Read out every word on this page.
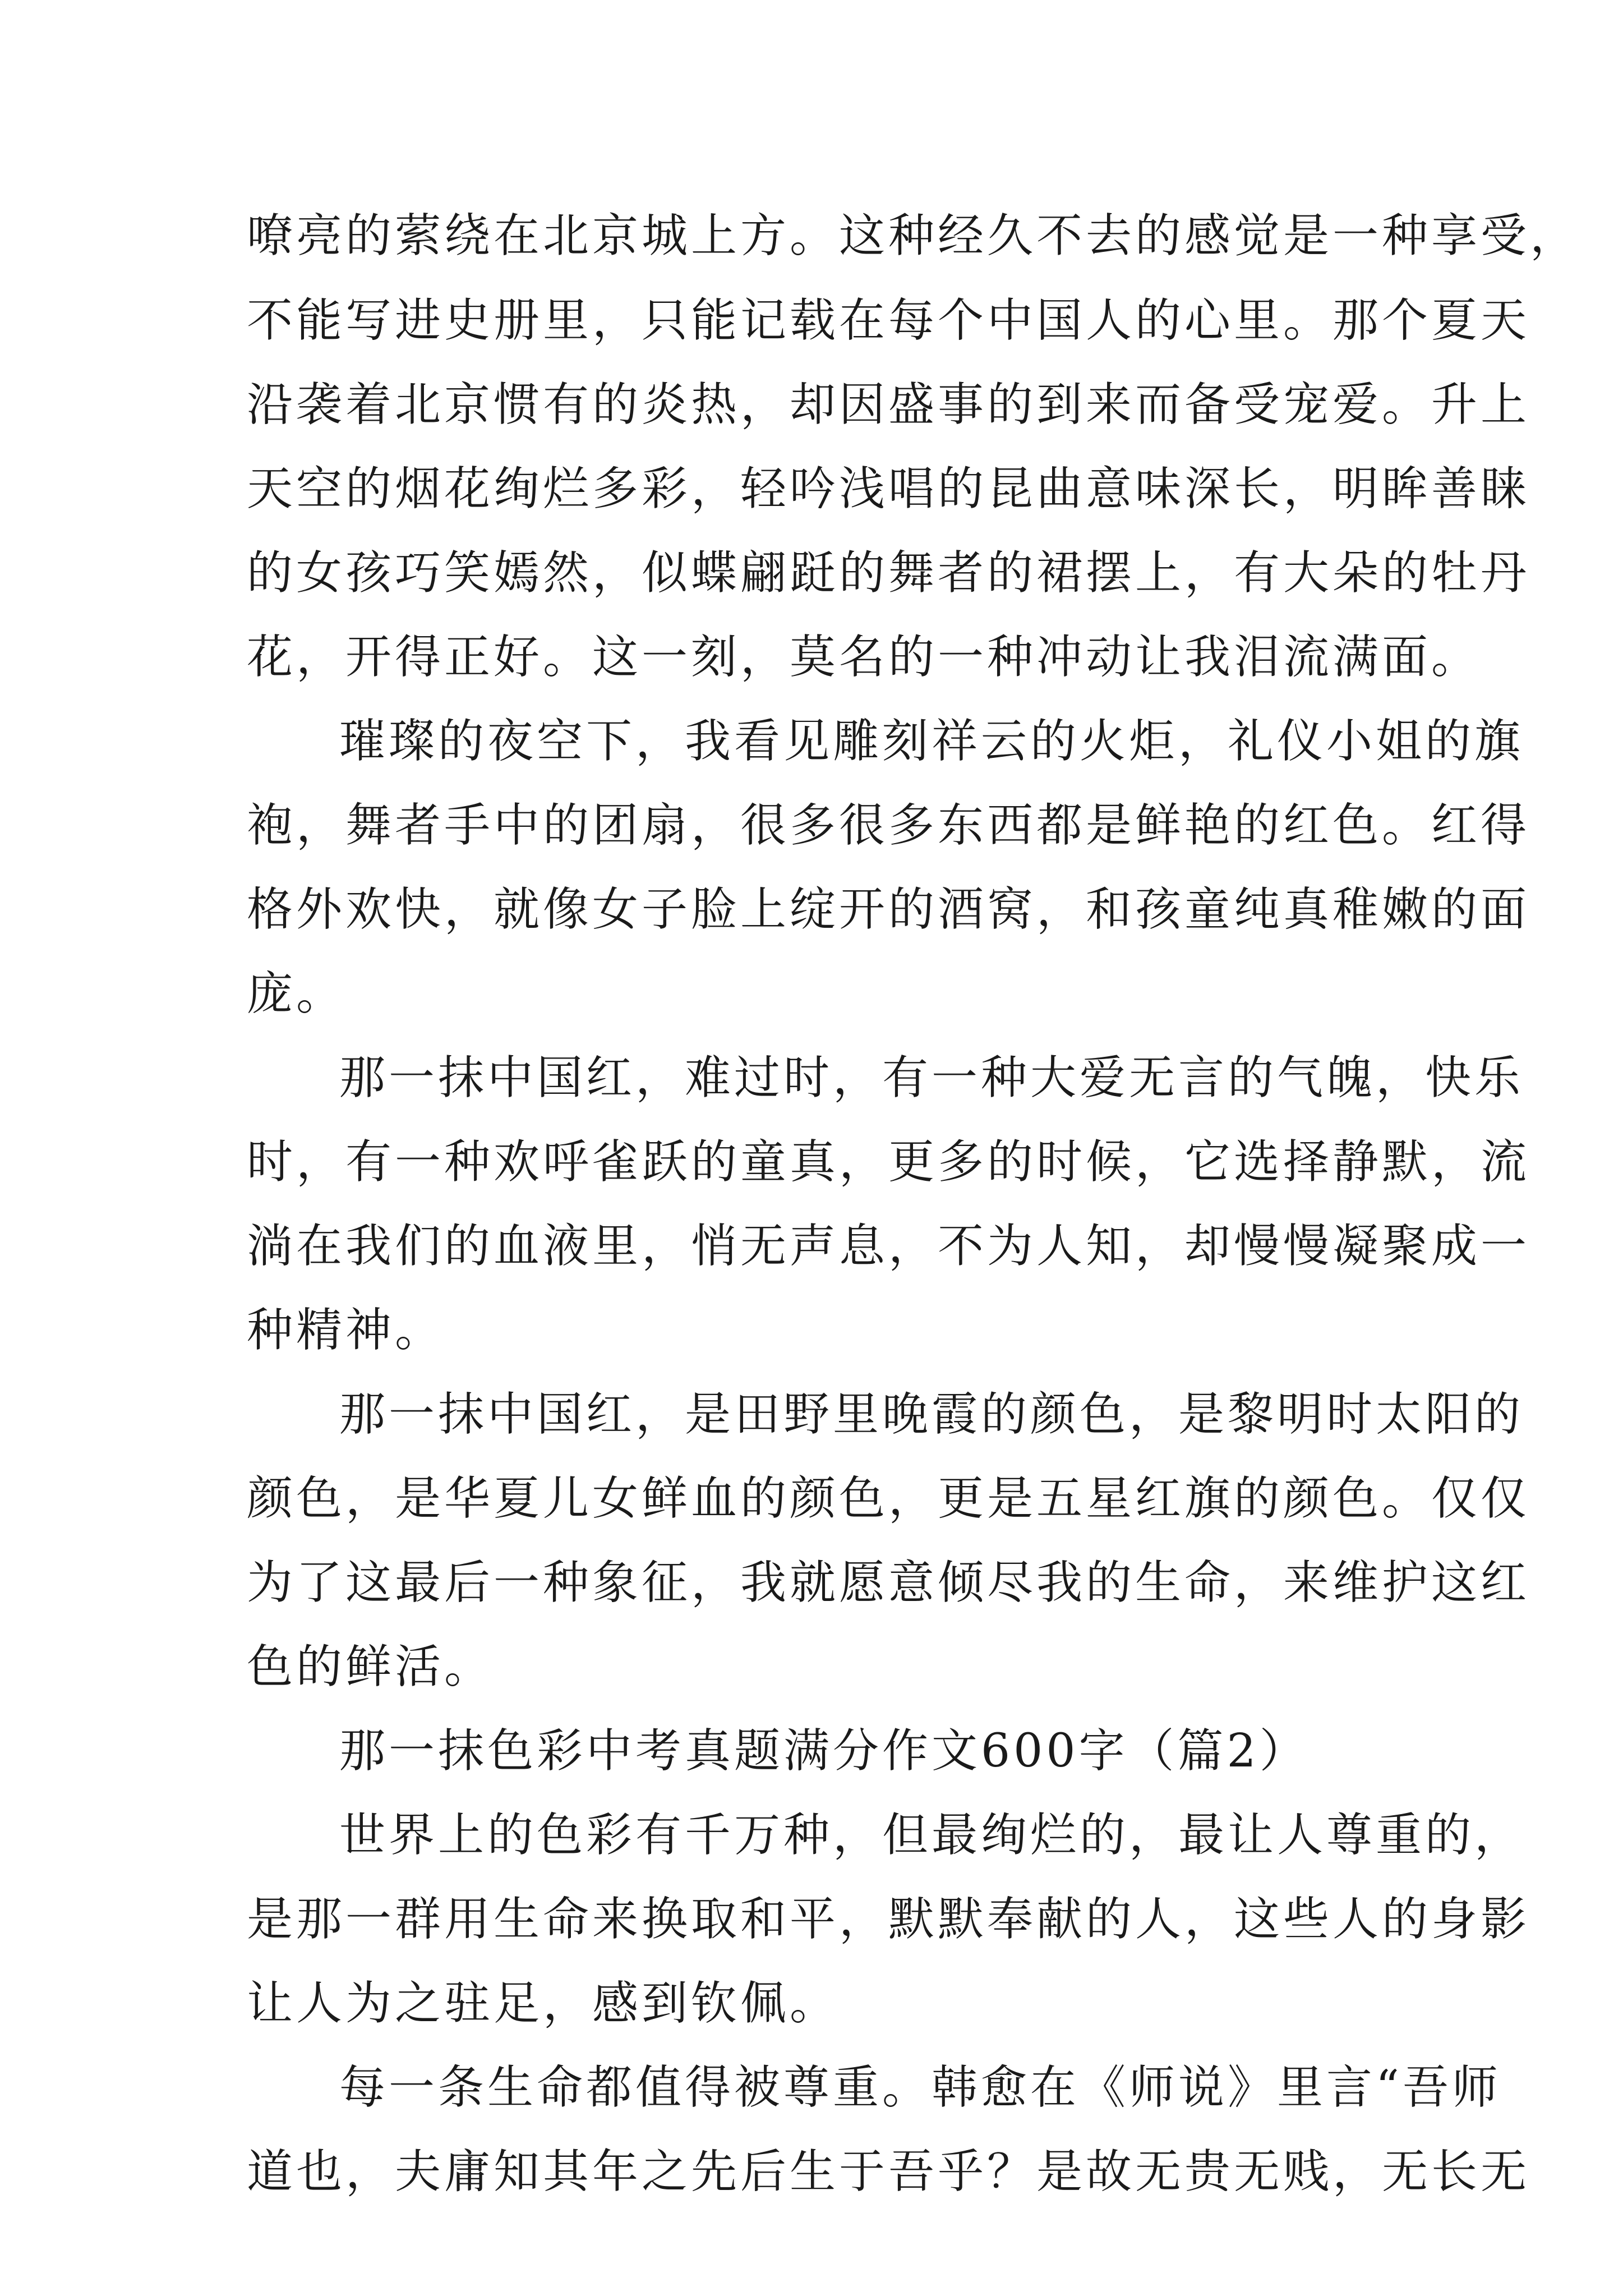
嘹亮的萦绕在北京城上方。这种经久不去的感觉是一种享受，
不能写进史册里，只能记载在每个中国人的心里。那个夏天
沿袭着北京惯有的炎热，却因盛事的到来而备受宠爱。升上
天空的烟花绚烂多彩，轻吟浅唱的昆曲意味深长，明眸善睐
的女孩巧笑嫣然，似蝶翩跹的舞者的裙摆上，有大朵的牡丹
花，开得正好。这一刻，莫名的一种冲动让我泪流满面。
璀璨的夜空下，我看见雕刻祥云的火炬，礼仪小姐的旗
袍，舞者手中的团扇，很多很多东西都是鲜艳的红色。红得
格外欢快，就像女子脸上绽开的酒窝，和孩童纯真稚嫩的面
庞。
那一抹中国红，难过时，有一种大爱无言的气魄，快乐
时，有一种欢呼雀跃的童真，更多的时候，它选择静默，流
淌在我们的血液里，悄无声息，不为人知，却慢慢凝聚成一
种精神。
那一抹中国红，是田野里晚霞的颜色，是黎明时太阳的
颜色，是华夏儿女鲜血的颜色，更是五星红旗的颜色。仅仅
为了这最后一种象征，我就愿意倾尽我的生命，来维护这红
色的鲜活。
那一抹色彩中考真题满分作文600字（篇2）
世界上的色彩有千万种，但最绚烂的，最让人尊重的，
是那一群用生命来换取和平，默默奉献的人，这些人的身影
让人为之驻足，感到钦佩。
每一条生命都值得被尊重。韩愈在《师说》里言“吾师
道也，夫庸知其年之先后生于吾乎？是故无贵无贱，无长无
